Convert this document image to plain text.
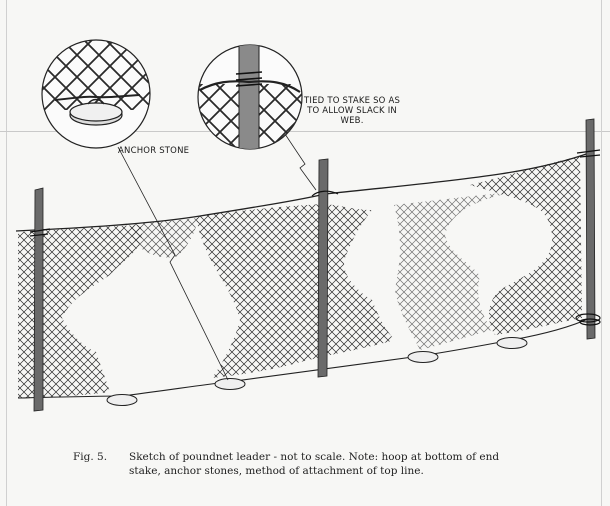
TIED TO STAKE SO AS
TO ALLOW SLACK IN
WEB.
ANCHOR STONE
Fig. 5. Sketch of poundnet leader - not to scale. Note: hoop at bottom of end
stake, anchor stones, method of attachment of top line.
